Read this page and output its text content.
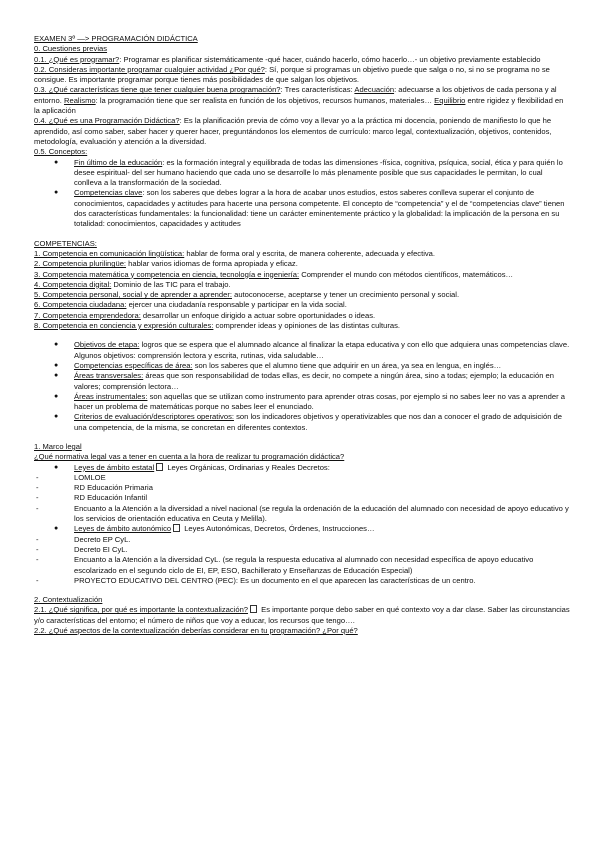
EXAMEN 3º —> PROGRAMACIÓN DIDÁCTICA
0. Cuestiones previas
0.1. ¿Qué es programar?: Programar es planificar sistemáticamente -qué hacer, cuándo hacerlo, cómo hacerlo…- un objetivo previamente establecido
0.2. Consideras importante programar cualquier actividad ¿Por qué?: Sí, porque si programas un objetivo puede que salga o no, si no se programa no se consigue. Es importante programar porque tienes más posibilidades de que salgan los objetivos.
0.3. ¿Qué características tiene que tener cualquier buena programación?: Tres características: Adecuación: adecuarse a los objetivos de cada persona y al entorno. Realismo: la programación tiene que ser realista en función de los objetivos, recursos humanos, materiales… Equilibrio entre rigidez y flexibilidad en la aplicación
0.4. ¿Qué es una Programación Didáctica?: Es la planificación previa de cómo voy a llevar yo a la práctica mi docencia, poniendo de manifiesto lo que he aprendido, así como saber, saber hacer y querer hacer, preguntándonos los elementos de currículo: marco legal, contextualización, objetivos, contenidos, metodología, evaluación y atención a la diversidad.
0.5. Conceptos:
● Fin último de la educación: es la formación integral y equilibrada de todas las dimensiones -física, cognitiva, psíquica, social, ética y para quién lo desee espiritual- del ser humano haciendo que cada uno se desarrolle lo más plenamente posible que sus capacidades le permitan, lo cual conlleva a la transformación de la sociedad.
● Competencias clave: son los saberes que debes lograr a la hora de acabar unos estudios, estos saberes conlleva superar el conjunto de conocimientos, capacidades y actitudes para hacerte una persona competente. El concepto de “competencia” y el de “competencias clave” tienen dos características fundamentales: la funcionalidad: tiene un carácter eminentemente práctico y la globalidad: la implicación de la persona en su totalidad: conocimientos, capacidades y actitudes
COMPETENCIAS:
1. Competencia en comunicación lingüística: hablar de forma oral y escrita, de manera coherente, adecuada y efectiva.
2. Competencia plurilingüe: hablar varios idiomas de forma apropiada y eficaz.
3. Competencia matemática y competencia en ciencia, tecnología e ingeniería: Comprender el mundo con métodos científicos, matemáticos…
4. Competencia digital: Dominio de las TIC para el trabajo.
5. Competencia personal, social y de aprender a aprender: autoconocerse, aceptarse y tener un crecimiento personal y social.
6. Competencia ciudadana: ejercer una ciudadanía responsable y participar en la vida social.
7. Competencia emprendedora: desarrollar un enfoque dirigido a actuar sobre oportunidades o ideas.
8. Competencia en conciencia y expresión culturales: comprender ideas y opiniones de las distintas culturas.
● Objetivos de etapa: logros que se espera que el alumnado alcance al finalizar la etapa educativa y con ello que adquiera unas competencias clave. Algunos objetivos: comprensión lectora y escrita, rutinas, vida saludable…
● Competencias específicas de área: son los saberes que el alumno tiene que adquirir en un área, ya sea en lengua, en inglés…
● Áreas transversales: áreas que son responsabilidad de todas ellas, es decir, no compete a ningún área, sino a todas; ejemplo; la educación en valores; comprensión lectora…
● Áreas instrumentales: son aquellas que se utilizan como instrumento para aprender otras cosas, por ejemplo si no sabes leer no vas a aprender a hacer un problema de matemáticas porque no sabes leer el enunciado.
● Criterios de evaluación/descriptores operativos: son los indicadores objetivos y operativizables que nos dan a conocer el grado de adquisición de una competencia, de la misma, se concretan en diferentes contextos.
1. Marco legal
¿Qué normativa legal vas a tener en cuenta a la hora de realizar tu programación didáctica?
● Leyes de ámbito estatal Leyes Orgánicas, Ordinarias y Reales Decretos:
- LOMLOE
- RD Educación Primaria
- RD Educación Infantil
- Encuanto a la Atención a la diversidad a nivel nacional (se regula la ordenación de la educación del alumnado con necesidad de apoyo educativo y los servicios de orientación educativa en Ceuta y Melilla).
● Leyes de ámbito autonómico Leyes Autonómicas, Decretos, Órdenes, Instrucciones…
- Decreto EP CyL.
- Decreto EI CyL.
- Encuanto a la Atención a la diversidad CyL. (se regula la respuesta educativa al alumnado con necesidad específica de apoyo educativo escolarizado en el segundo ciclo de EI, EP, ESO, Bachillerato y Enseñanzas de Educación Especial)
- PROYECTO EDUCATIVO DEL CENTRO (PEC): Es un documento en el que aparecen las características de un centro.
2. Contextualización
2.1. ¿Qué significa, por qué es importante la contextualización? Es importante porque debo saber en qué contexto voy a dar clase. Saber las circunstancias y/o características del entorno; el número de niños que voy a educar, los recursos que tengo….
2.2. ¿Qué aspectos de la contextualización deberías considerar en tu programación? ¿Por qué?
